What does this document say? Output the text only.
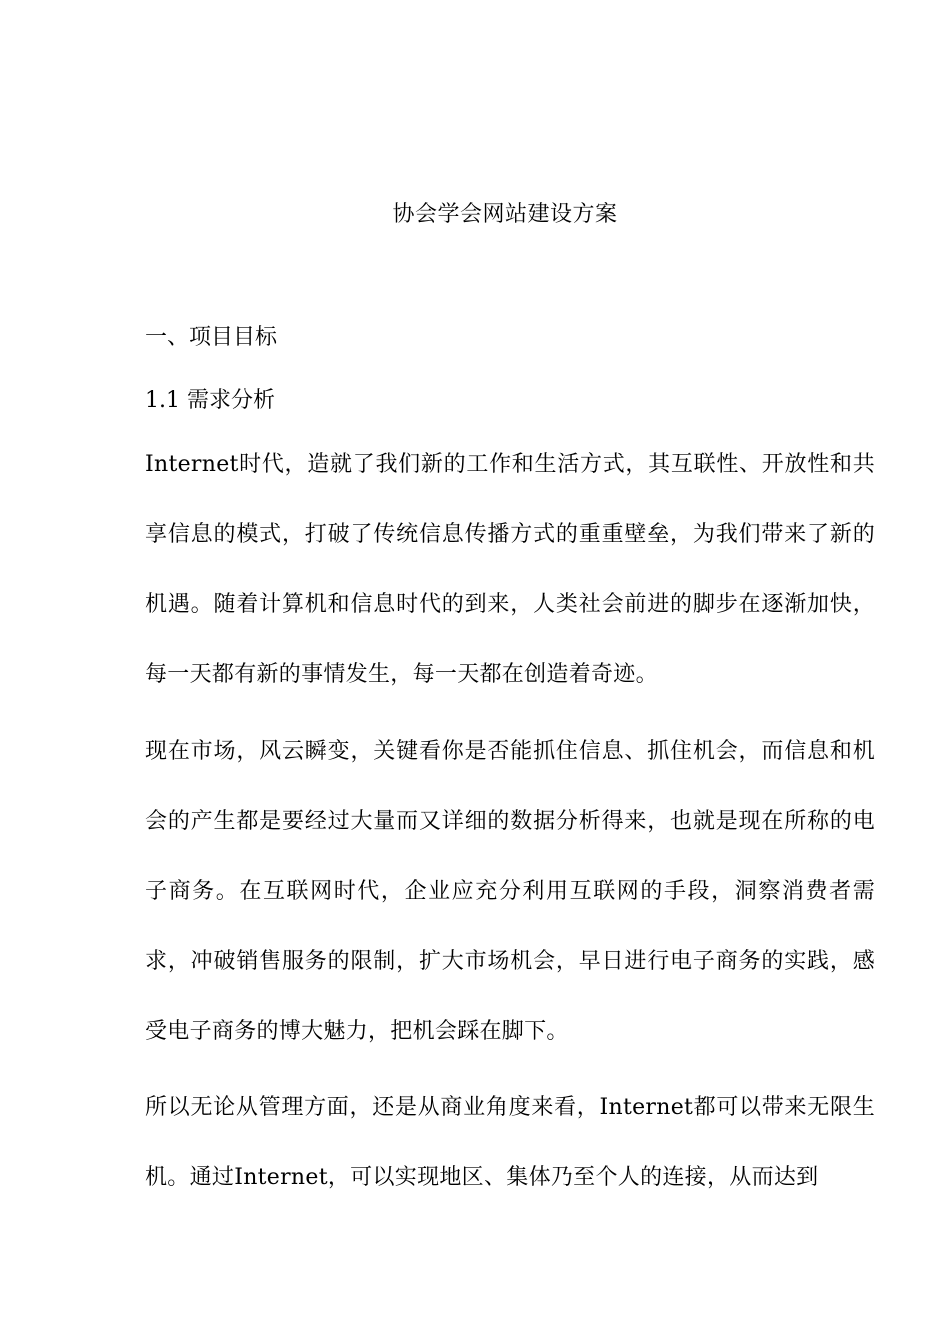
协会学会网站建设方案
一、项目目标
1.1 需求分析
Internet时代，造就了我们新的工作和生活方式，其互联性、开放性和共享信息的模式，打破了传统信息传播方式的重重壁垒，为我们带来了新的机遇。随着计算机和信息时代的到来，人类社会前进的脚步在逐渐加快，每一天都有新的事情发生，每一天都在创造着奇迹。
现在市场，风云瞬变，关键看你是否能抓住信息、抓住机会，而信息和机会的产生都是要经过大量而又详细的数据分析得来，也就是现在所称的电子商务。在互联网时代，企业应充分利用互联网的手段，洞察消费者需求，冲破销售服务的限制，扩大市场机会，早日进行电子商务的实践，感受电子商务的博大魅力，把机会踩在脚下。
所以无论从管理方面，还是从商业角度来看，Internet都可以带来无限生机。通过Internet，可以实现地区、集体乃至个人的连接，从而达到
